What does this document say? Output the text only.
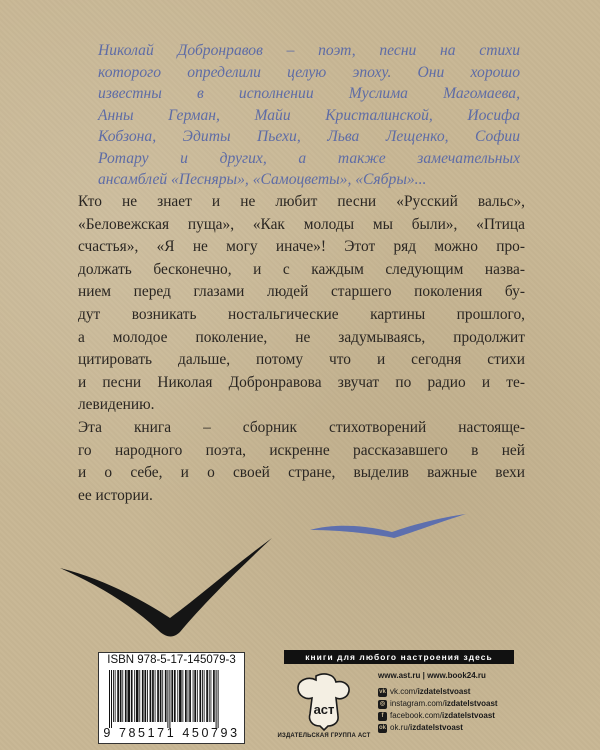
Николай Добронравов – поэт, песни на стихи
которого определили целую эпоху. Они хорошо
известны в исполнении Муслима Магомаева,
Анны Герман, Майи Кристалинской, Иосифа
Кобзона, Эдиты Пьехи, Льва Лещенко, Софии
Ротару и других, а также замечательных
ансамблей «Песняры», «Самоцветы», «Сябры»...
Кто не знает и не любит песни «Русский вальс»,
«Беловежская пуща», «Как молоды мы были», «Птица
счастья», «Я не могу иначе»! Этот ряд можно про-
должать бесконечно, и с каждым следующим назва-
нием перед глазами людей старшего поколения бу-
дут возникать ностальгические картины прошлого,
а молодое поколение, не задумываясь, продолжит
цитировать дальше, потому что и сегодня стихи
и песни Николая Добронравова звучат по радио и те-
левидению.
Эта книга – сборник стихотворений настояще-
го народного поэта, искренне рассказавшего в ней
и о себе, и о своей стране, выделив важные вехи
ее истории.
ISBN 978-5-17-145079-3
9 785171 450793
книги для любого настроения здесь
аст
ИЗДАТЕЛЬСКАЯ ГРУППА АСТ
www.ast.ru | www.book24.ru
vk vk.com/ izdatelstvoast
◎ instagram.com/ izdatelstvoast
f facebook.com/ izdatelstvoast
ok ok.ru/ izdatelstvoast
